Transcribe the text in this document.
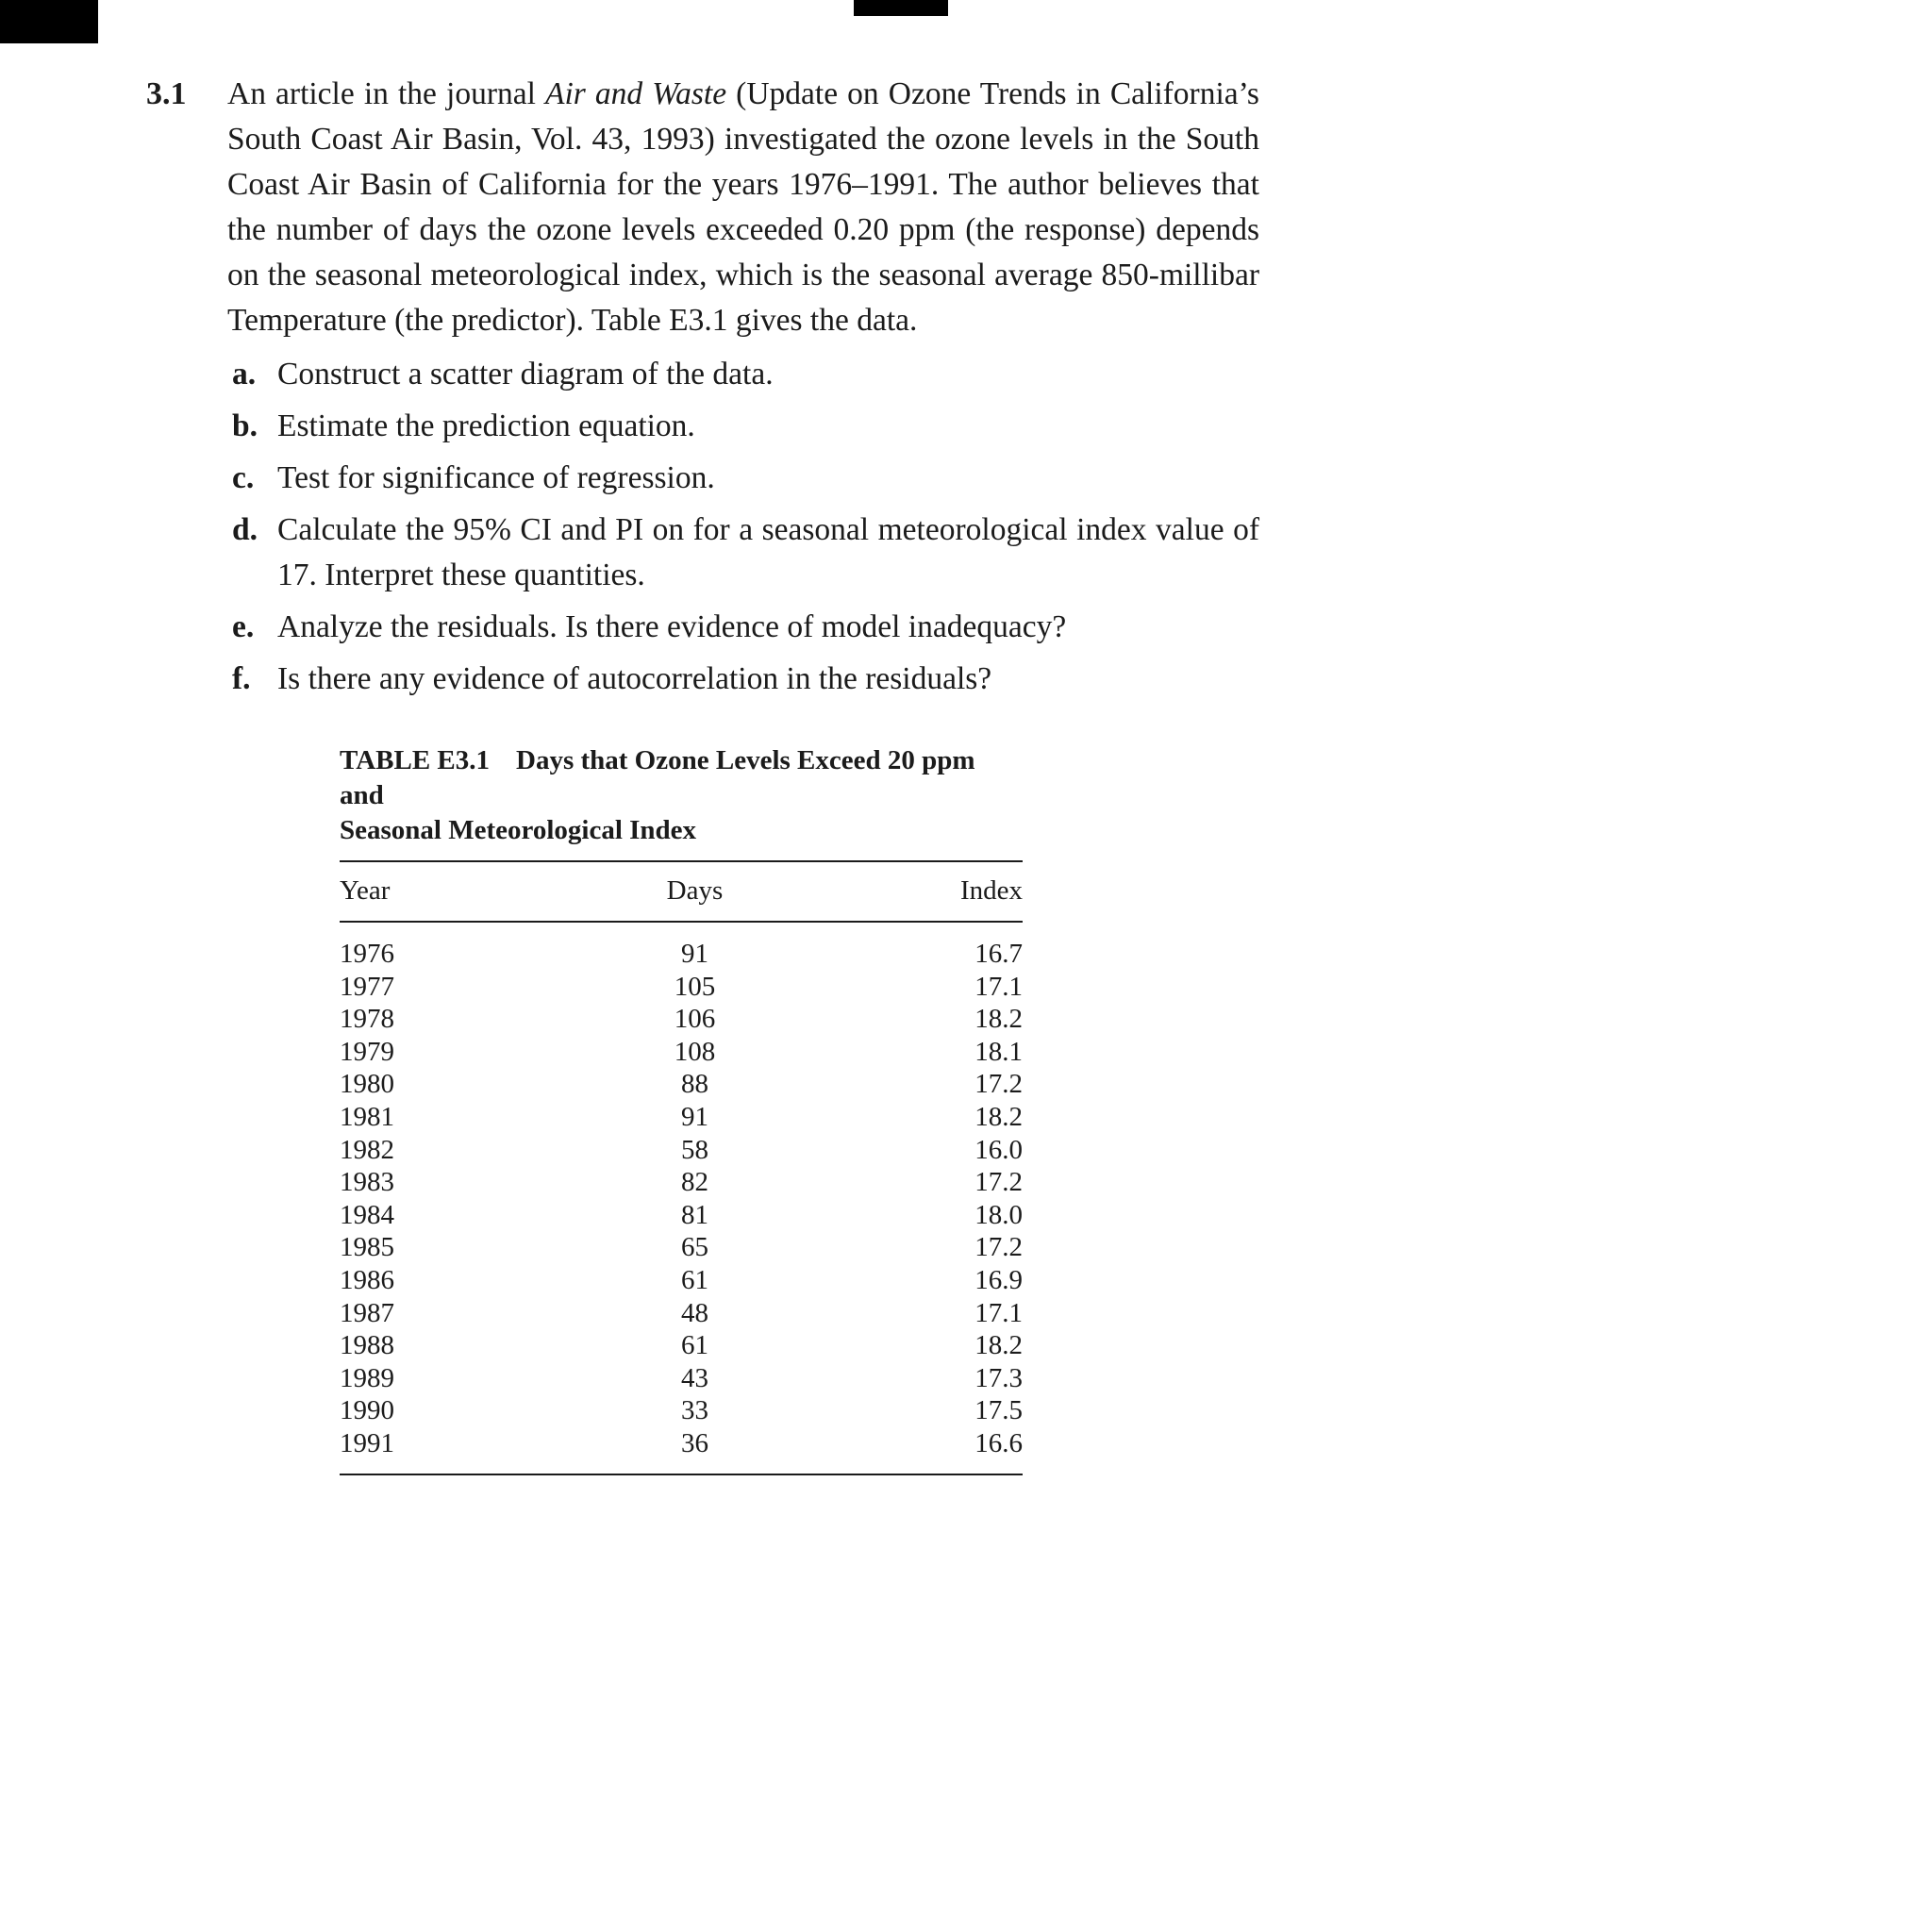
3.1	An article in the journal Air and Waste (Update on Ozone Trends in California’s South Coast Air Basin, Vol. 43, 1993) investigated the ozone levels in the South Coast Air Basin of California for the years 1976–1991. The author believes that the number of days the ozone levels exceeded 0.20 ppm (the response) depends on the seasonal meteorological index, which is the seasonal average 850-millibar Temperature (the predictor). Table E3.1 gives the data.

a. Construct a scatter diagram of the data.
b. Estimate the prediction equation.
c. Test for significance of regression.
d. Calculate the 95% CI and PI on for a seasonal meteorological index value of 17. Interpret these quantities.
e. Analyze the residuals. Is there evidence of model inadequacy?
f. Is there any evidence of autocorrelation in the residuals?
TABLE E3.1 Days that Ozone Levels Exceed 20 ppm and
Seasonal Meteorological Index
Year	Days	Index
1976	91	16.7
1977	105	17.1
1978	106	18.2
1979	108	18.1
1980	88	17.2
1981	91	18.2
1982	58	16.0
1983	82	17.2
1984	81	18.0
1985	65	17.2
1986	61	16.9
1987	48	17.1
1988	61	18.2
1989	43	17.3
1990	33	17.5
1991	36	16.6
